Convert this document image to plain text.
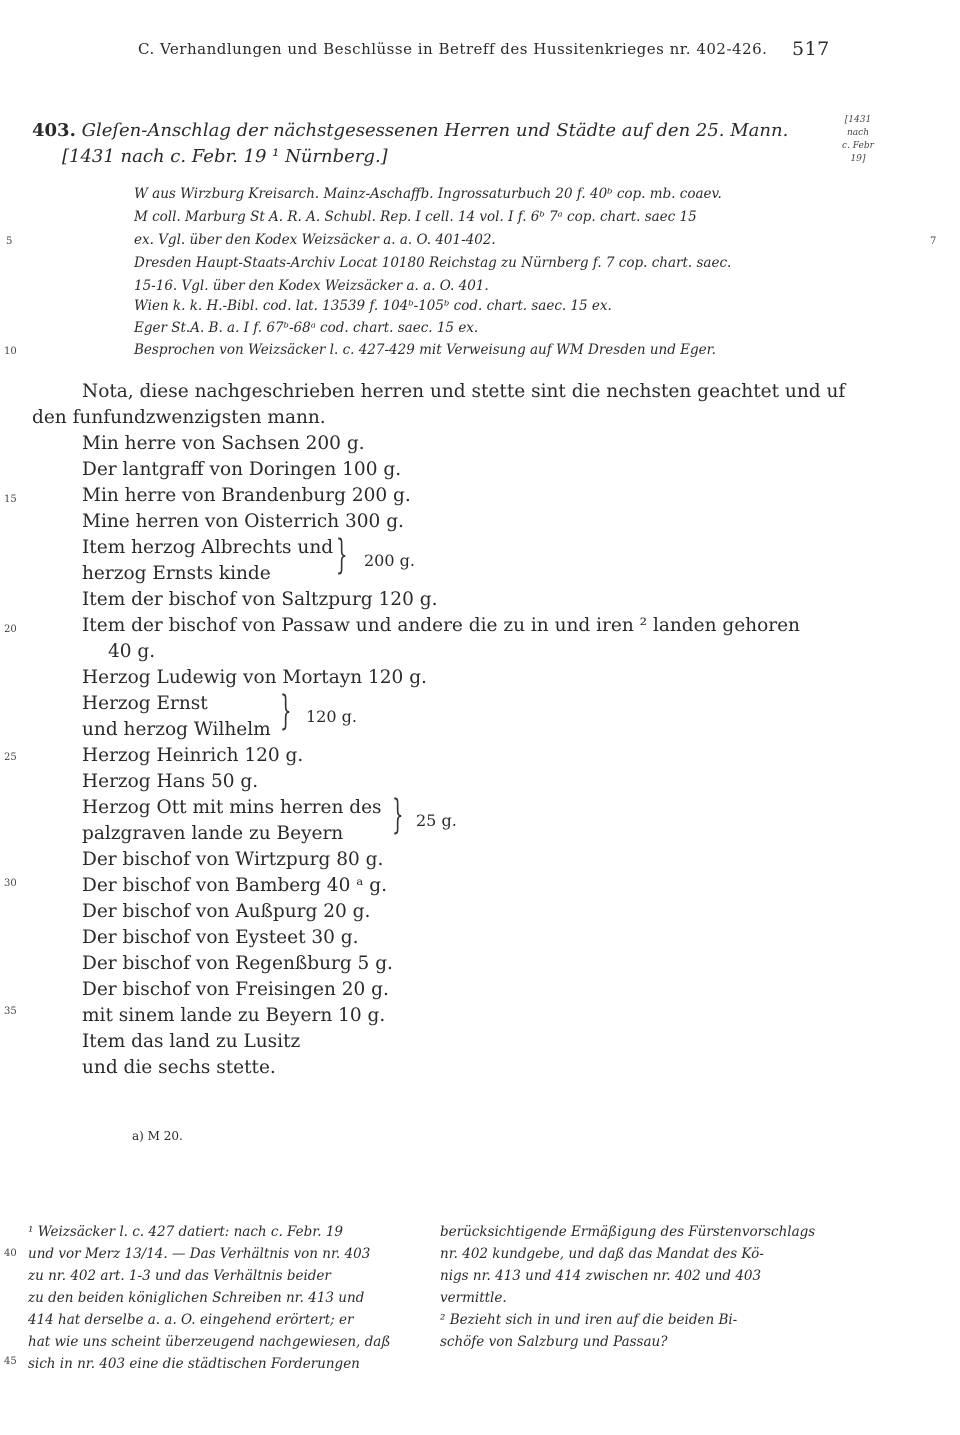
C. Verhandlungen und Beschlüsse in Betreff des Hussitenkrieges nr. 402-426. 517
403. Gleſen-Anschlag der nächstgesessenen Herren und Städte auf den 25. Mann.
[1431 nach c. Febr. 19 ¹ Nürnberg.]
[1431
nach
c. Febr
19]
W aus Wirzburg Kreisarch. Mainz-Aschaffb. Ingrossaturbuch 20 f. 40ᵇ cop. mb. coaev.
M coll. Marburg St A. R. A. Schubl. Rep. I cell. 14 vol. I f. 6ᵇ 7ᵃ cop. chart. saec 15
ex. Vgl. über den Kodex Weizsäcker a. a. O. 401-402.
Dresden Haupt-Staats-Archiv Locat 10180 Reichstag zu Nürnberg f. 7 cop. chart. saec.
15-16. Vgl. über den Kodex Weizsäcker a. a. O. 401.
Wien k. k. H.-Bibl. cod. lat. 13539 f. 104ᵇ-105ᵇ cod. chart. saec. 15 ex.
Eger St.A. B. a. I f. 67ᵇ-68ᵃ cod. chart. saec. 15 ex.
Besprochen von Weizsäcker l. c. 427-429 mit Verweisung auf WM Dresden und Eger.
5	7
10
15
20
25
30
35
40
45
Nota, diese nachgeschrieben herren und stette sint die nechsten geachtet und uf
den funfundzwenzigsten mann.
Min herre von Sachsen 200 g.
Der lantgraff von Doringen 100 g.
Min herre von Brandenburg 200 g.
Mine herren von Oisterrich 300 g.
Item herzog Albrechts und
herzog Ernsts kinde } 200 g.
Item der bischof von Saltzpurg 120 g.
Item der bischof von Passaw und andere die zu in und iren ² landen gehoren
40 g.
Herzog Ludewig von Mortayn 120 g.
Herzog Ernst
und herzog Wilhelm } 120 g.
Herzog Heinrich 120 g.
Herzog Hans 50 g.
Herzog Ott mit mins herren des
palzgraven lande zu Beyern } 25 g.
Der bischof von Wirtzpurg 80 g.
Der bischof von Bamberg 40 ᵃ g.
Der bischof von Außpurg 20 g.
Der bischof von Eysteet 30 g.
Der bischof von Regenßburg 5 g.
Der bischof von Freisingen 20 g.
mit sinem lande zu Beyern 10 g.
Item das land zu Lusitz
und die sechs stette.
a) M 20.
¹ Weizsäcker l. c. 427 datiert: nach c. Febr. 19
und vor Merz 13/14. — Das Verhältnis von nr. 403
zu nr. 402 art. 1-3 und das Verhältnis beider
zu den beiden königlichen Schreiben nr. 413 und
414 hat derselbe a. a. O. eingehend erörtert; er
hat wie uns scheint überzeugend nachgewiesen, daß
sich in nr. 403 eine die städtischen Forderungen
berücksichtigende Ermäßigung des Fürstenvorschlags
nr. 402 kundgebe, und daß das Mandat des Kö-
nigs nr. 413 und 414 zwischen nr. 402 und 403
vermittle.
² Bezieht sich in und iren auf die beiden Bi-
schöfe von Salzburg und Passau?
